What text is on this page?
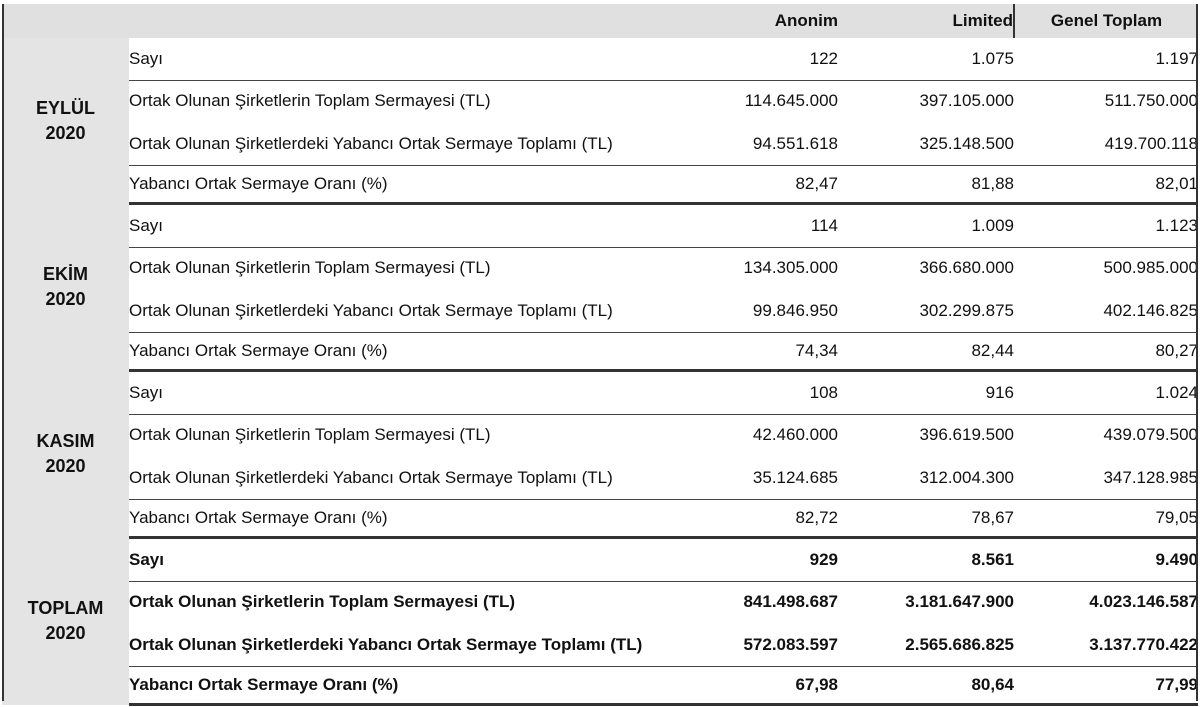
		Anonim	Limited	Genel Toplam

EYLÜL
2020	Sayı	122	1.075	1.197
	Ortak Olunan Şirketlerin Toplam Sermayesi (TL)	114.645.000	397.105.000	511.750.000
	Ortak Olunan Şirketlerdeki Yabancı Ortak Sermaye Toplamı (TL)	94.551.618	325.148.500	419.700.118
	Yabancı Ortak Sermaye Oranı (%)	82,47	81,88	82,01

EKİM
2020	Sayı	114	1.009	1.123
	Ortak Olunan Şirketlerin Toplam Sermayesi (TL)	134.305.000	366.680.000	500.985.000
	Ortak Olunan Şirketlerdeki Yabancı Ortak Sermaye Toplamı (TL)	99.846.950	302.299.875	402.146.825
	Yabancı Ortak Sermaye Oranı (%)	74,34	82,44	80,27

KASIM
2020	Sayı	108	916	1.024
	Ortak Olunan Şirketlerin Toplam Sermayesi (TL)	42.460.000	396.619.500	439.079.500
	Ortak Olunan Şirketlerdeki Yabancı Ortak Sermaye Toplamı (TL)	35.124.685	312.004.300	347.128.985
	Yabancı Ortak Sermaye Oranı (%)	82,72	78,67	79,05

TOPLAM
2020	Sayı	929	8.561	9.490
	Ortak Olunan Şirketlerin Toplam Sermayesi (TL)	841.498.687	3.181.647.900	4.023.146.587
	Ortak Olunan Şirketlerdeki Yabancı Ortak Sermaye Toplamı (TL)	572.083.597	2.565.686.825	3.137.770.422
	Yabancı Ortak Sermaye Oranı (%)	67,98	80,64	77,99
